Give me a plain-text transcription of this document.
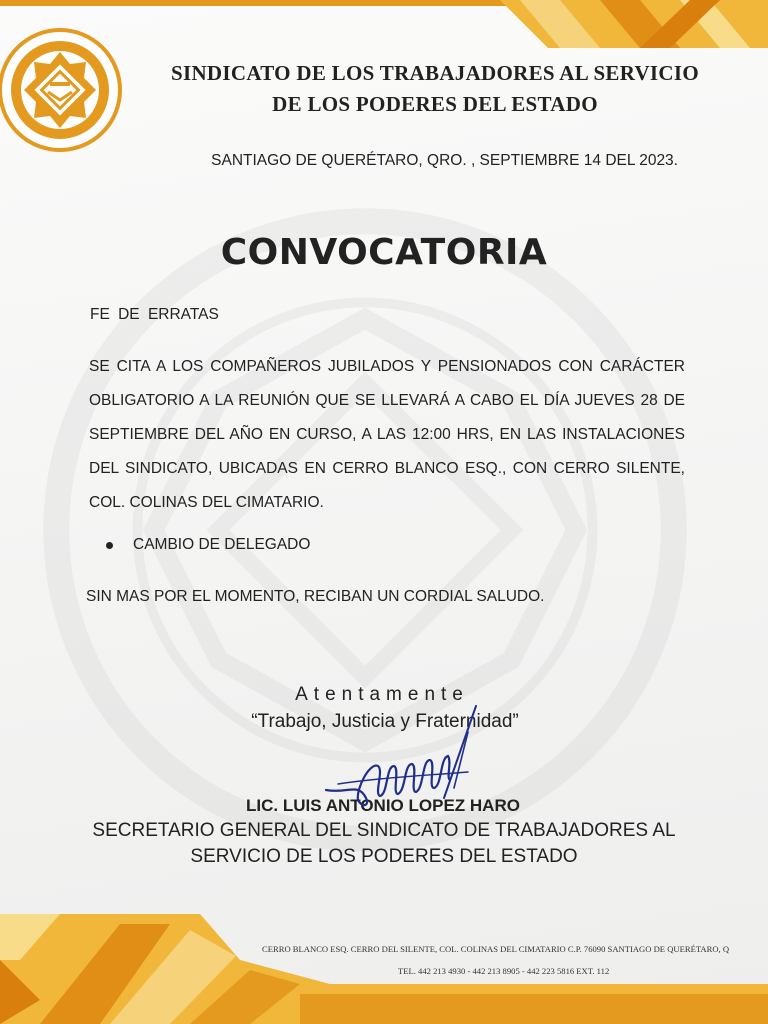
SINDICATO DE LOS TRABAJADORES AL SERVICIO
DE LOS PODERES DEL ESTADO
SANTIAGO DE QUERÉTARO, QRO. , SEPTIEMBRE 14 DEL 2023.
CONVOCATORIA
FE DE ERRATAS
SE CITA A LOS COMPAÑEROS JUBILADOS Y PENSIONADOS CON CARÁCTER OBLIGATORIO A LA REUNIÓN QUE SE LLEVARÁ A CABO EL DÍA JUEVES 28 DE SEPTIEMBRE DEL AÑO EN CURSO, A LAS 12:00 HRS, EN LAS INSTALACIONES DEL SINDICATO, UBICADAS EN CERRO BLANCO ESQ., CON CERRO SILENTE, COL. COLINAS DEL CIMATARIO.
CAMBIO DE DELEGADO
SIN MAS POR EL MOMENTO, RECIBAN UN CORDIAL SALUDO.
Atentamente
“Trabajo, Justicia y Fraternidad”
LIC. LUIS ANTONIO LOPEZ HARO
SECRETARIO GENERAL DEL SINDICATO DE TRABAJADORES AL
SERVICIO DE LOS PODERES DEL ESTADO
CERRO BLANCO ESQ. CERRO DEL SILENTE, COL. COLINAS DEL CIMATARIO C.P. 76090 SANTIAGO DE QUERÉTARO, Q
TEL. 442 213 4930 - 442 213 8905 - 442 223 5816 EXT. 112
